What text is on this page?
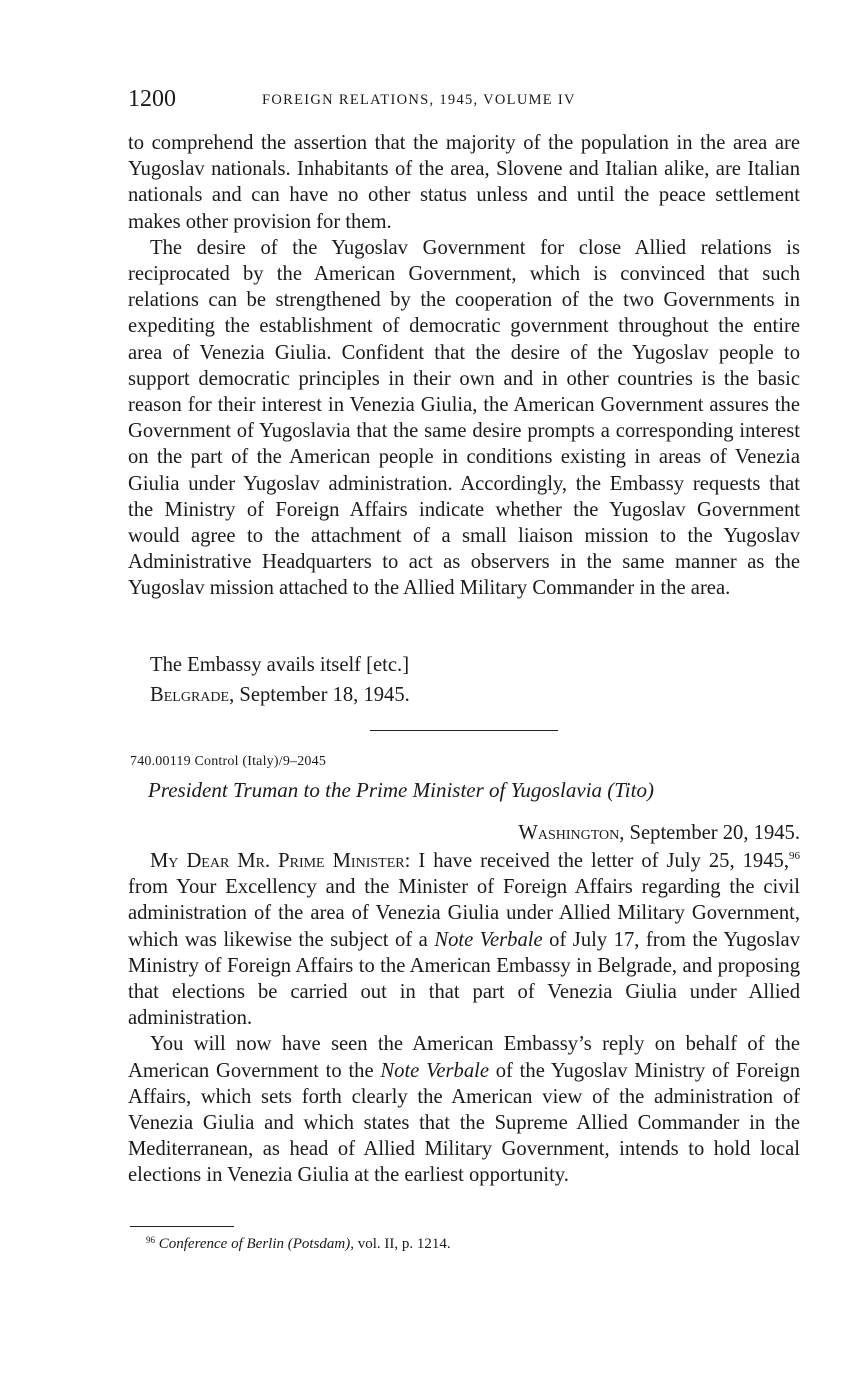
1200	FOREIGN RELATIONS, 1945, VOLUME IV

to comprehend the assertion that the majority of the population in the area are Yugoslav nationals. Inhabitants of the area, Slovene and Italian alike, are Italian nationals and can have no other status unless and until the peace settlement makes other provision for them.

The desire of the Yugoslav Government for close Allied relations is reciprocated by the American Government, which is convinced that such relations can be strengthened by the cooperation of the two Governments in expediting the establishment of democratic government throughout the entire area of Venezia Giulia. Confident that the desire of the Yugoslav people to support democratic principles in their own and in other countries is the basic reason for their interest in Venezia Giulia, the American Government assures the Government of Yugoslavia that the same desire prompts a corresponding interest on the part of the American people in conditions existing in areas of Venezia Giulia under Yugoslav administration. Accordingly, the Embassy requests that the Ministry of Foreign Affairs indicate whether the Yugoslav Government would agree to the attachment of a small liaison mission to the Yugoslav Administrative Headquarters to act as observers in the same manner as the Yugoslav mission attached to the Allied Military Commander in the area.

The Embassy avails itself [etc.]
Belgrade, September 18, 1945.
740.00119 Control (Italy)/9–2045
President Truman to the Prime Minister of Yugoslavia (Tito)
Washington, September 20, 1945.

My Dear Mr. Prime Minister: I have received the letter of July 25, 1945,96 from Your Excellency and the Minister of Foreign Affairs regarding the civil administration of the area of Venezia Giulia under Allied Military Government, which was likewise the subject of a Note Verbale of July 17, from the Yugoslav Ministry of Foreign Affairs to the American Embassy in Belgrade, and proposing that elections be carried out in that part of Venezia Giulia under Allied administration.

You will now have seen the American Embassy’s reply on behalf of the American Government to the Note Verbale of the Yugoslav Ministry of Foreign Affairs, which sets forth clearly the American view of the administration of Venezia Giulia and which states that the Supreme Allied Commander in the Mediterranean, as head of Allied Military Government, intends to hold local elections in Venezia Giulia at the earliest opportunity.

$^{96}$ Conference of Berlin (Potsdam), vol. II, p. 1214.
